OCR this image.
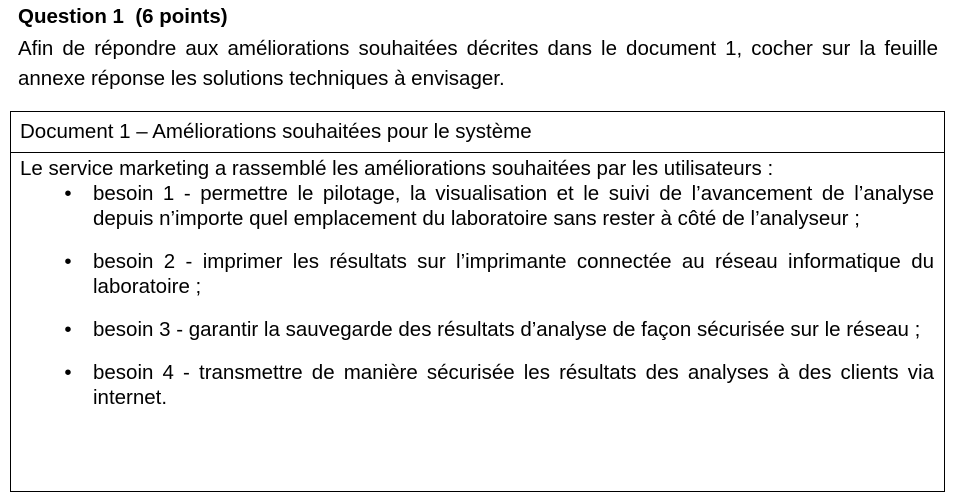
Question 1  (6 points)
Afin de répondre aux améliorations souhaitées décrites dans le document 1, cocher sur la feuille annexe réponse les solutions techniques à envisager.
Document 1 – Améliorations souhaitées pour le système

Le service marketing a rassemblé les améliorations souhaitées par les utilisateurs :

•	besoin 1 - permettre le pilotage, la visualisation et le suivi de l’avancement de l’analyse depuis n’importe quel emplacement du laboratoire sans rester à côté de l’analyseur ;
•	besoin 2 - imprimer les résultats sur l’imprimante connectée au réseau informatique du laboratoire ;
•	besoin 3 - garantir la sauvegarde des résultats d’analyse de façon sécurisée sur le réseau ;
•	besoin 4 - transmettre de manière sécurisée les résultats des analyses à des clients via internet.
